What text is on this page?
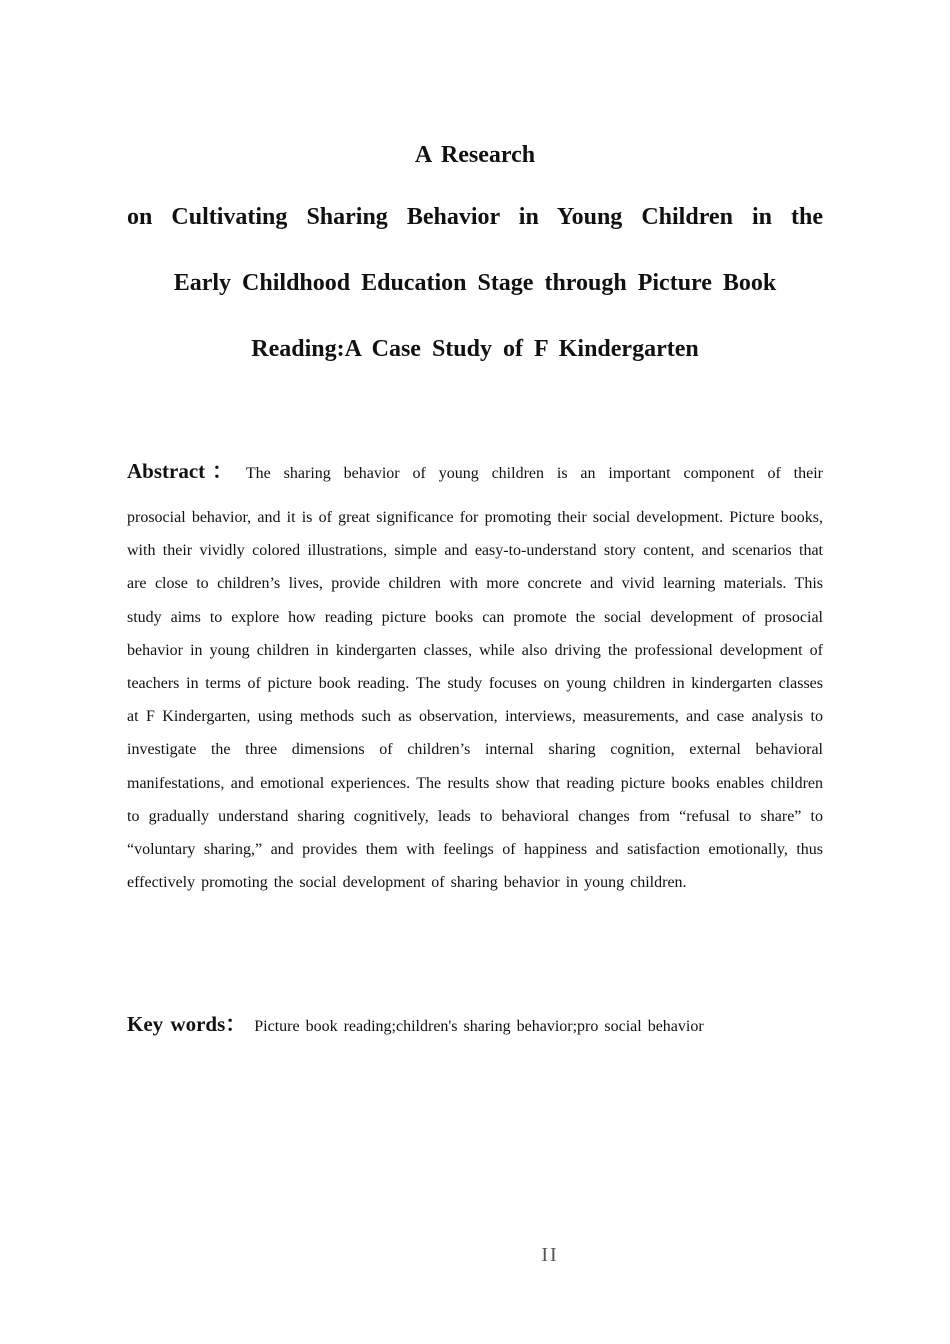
A Research
on Cultivating Sharing Behavior in Young Children in the
Early Childhood Education Stage through Picture Book
Reading:A Case Study of F Kindergarten
Abstract： The sharing behavior of young children is an important component of their
prosocial behavior, and it is of great significance for promoting their social development. Picture books, with their vividly colored illustrations, simple and easy-to-understand story content, and scenarios that are close to children’s lives, provide children with more concrete and vivid learning materials. This study aims to explore how reading picture books can promote the social development of prosocial behavior in young children in kindergarten classes, while also driving the professional development of teachers in terms of picture book reading. The study focuses on young children in kindergarten classes at F Kindergarten, using methods such as observation, interviews, measurements, and case analysis to investigate the three dimensions of children’s internal sharing cognition, external behavioral manifestations, and emotional experiences. The results show that reading picture books enables children to gradually understand sharing cognitively, leads to behavioral changes from “refusal to share” to “voluntary sharing,” and provides them with feelings of happiness and satisfaction emotionally, thus effectively promoting the social development of sharing behavior in young children.
Key words： Picture book reading;children's sharing behavior;pro social behavior
II
